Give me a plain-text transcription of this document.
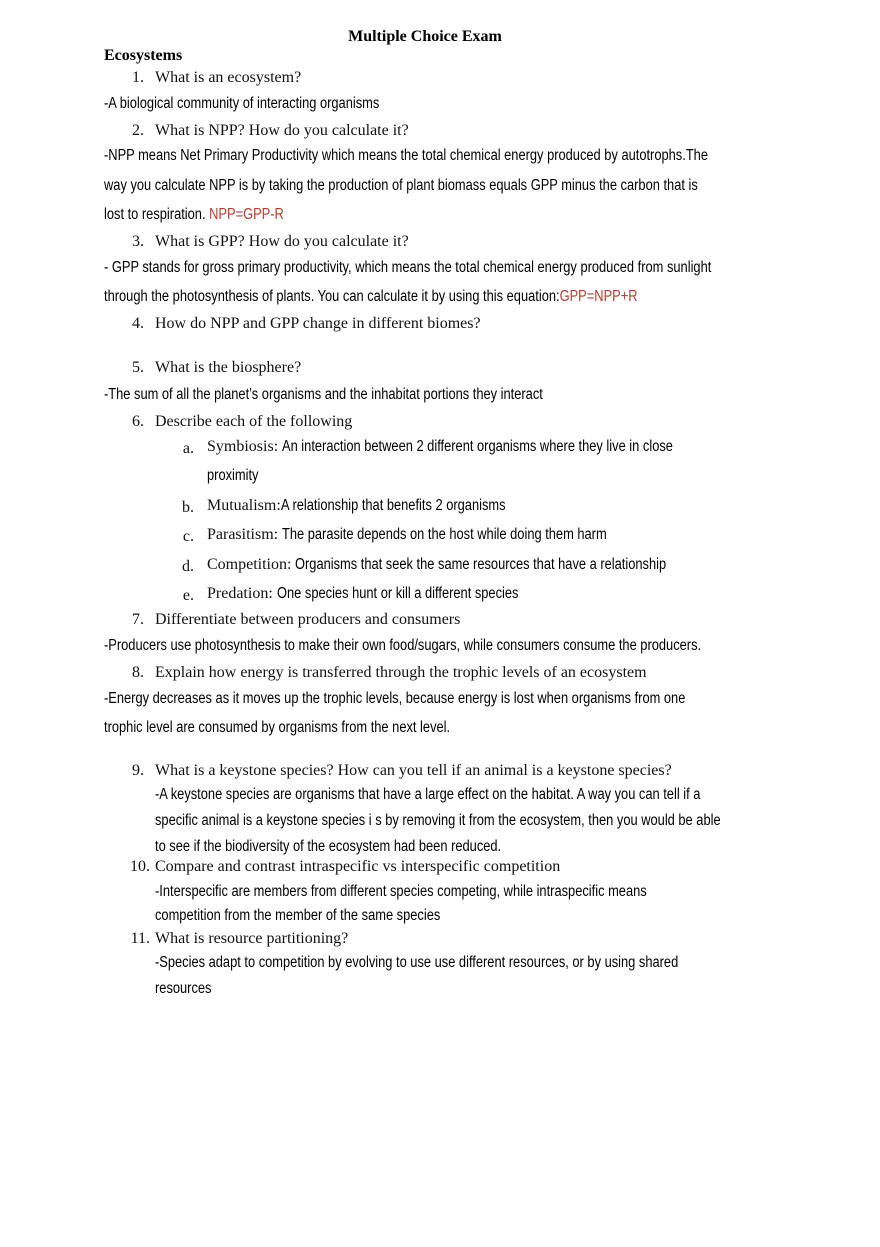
Multiple Choice Exam
Ecosystems
1. What is an ecosystem?
-A biological community of interacting organisms
2. What is NPP? How do you calculate it?
-NPP means Net Primary Productivity which means the total chemical energy produced by autotrophs.The
way you calculate NPP is by taking the production of plant biomass equals GPP minus the carbon that is
lost to respiration. NPP=GPP-R
3. What is GPP? How do you calculate it?
- GPP stands for gross primary productivity, which means the total chemical energy produced from sunlight
through the photosynthesis of plants. You can calculate it by using this equation:GPP=NPP+R
4. How do NPP and GPP change in different biomes?
5. What is the biosphere?
-The sum of all the planet’s organisms and the inhabitat portions they interact
6. Describe each of the following
a. Symbiosis: An interaction between 2 different organisms where they live in close
proximity
b. Mutualism:A relationship that benefits 2 organisms
c. Parasitism: The parasite depends on the host while doing them harm
d. Competition: Organisms that seek the same resources that have a relationship
e. Predation: One species hunt or kill a different species
7. Differentiate between producers and consumers
-Producers use photosynthesis to make their own food/sugars, while consumers consume the producers.
8. Explain how energy is transferred through the trophic levels of an ecosystem
-Energy decreases as it moves up the trophic levels, because energy is lost when organisms from one
trophic level are consumed by organisms from the next level.
9. What is a keystone species? How can you tell if an animal is a keystone species?
-A keystone species are organisms that have a large effect on the habitat. A way you can tell if a
specific animal is a keystone species i s by removing it from the ecosystem, then you would be able
to see if the biodiversity of the ecosystem had been reduced.
10. Compare and contrast intraspecific vs interspecific competition
-Interspecific are members from different species competing, while intraspecific means
competition from the member of the same species
11. What is resource partitioning?
-Species adapt to competition by evolving to use use different resources, or by using shared
resources
